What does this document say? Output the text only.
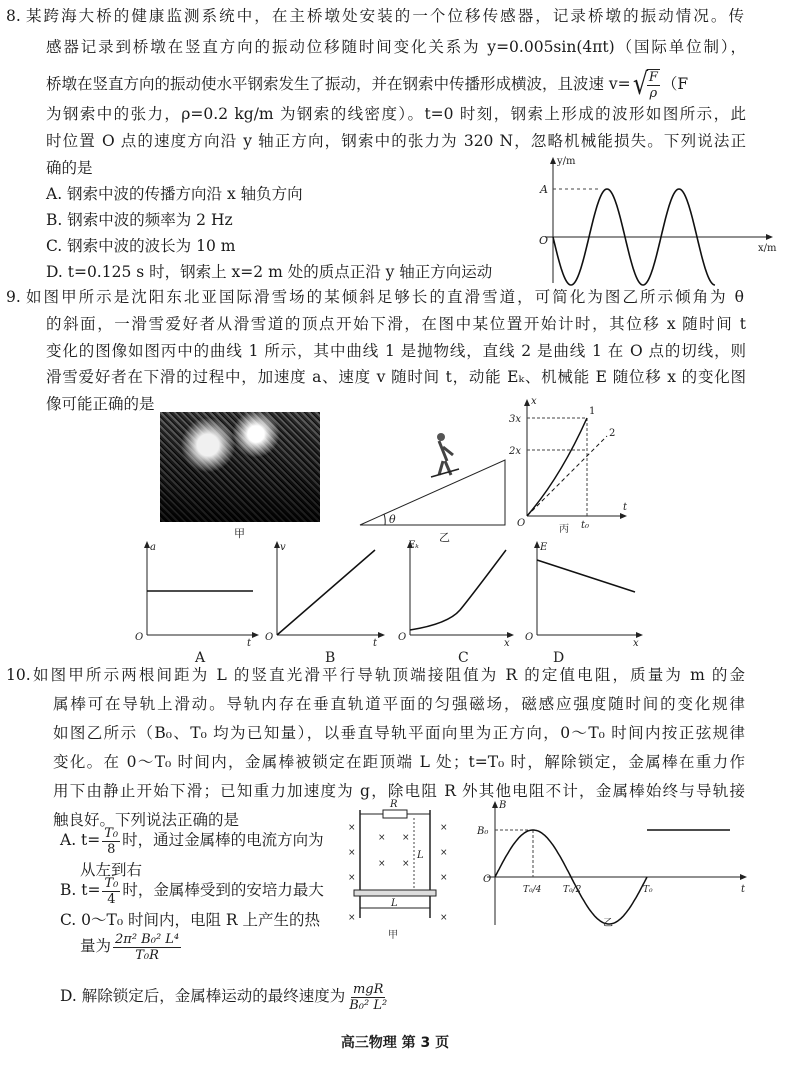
8. 某跨海大桥的健康监测系统中，在主桥墩处安装的一个位移传感器，记录桥墩的振动情况。传
感器记录到桥墩在竖直方向的振动位移随时间变化关系为 y=0.005sin(4πt)（国际单位制），
桥墩在竖直方向的振动使水平钢索发生了振动，并在钢索中传播形成横波，且波速 v= √
$\frac{F}{\rho} (F$
为钢索中的张力，ρ=0.2 kg/m 为钢索的线密度）。t=0 时刻，钢索上形成的波形如图所示，此
时位置 O 点的速度方向沿 y 轴正方向，钢索中的张力为 320 N，忽略机械能损失。下列说法正
确的是
A. 钢索中波的传播方向沿 x 轴负方向
B. 钢索中波的频率为 2 Hz
C. 钢索中波的波长为 10 m
D. t=0.125 s 时，钢索上 x=2 m 处的质点正沿 y 轴正方向运动
y/m
x/m
A
O
9. 如图甲所示是沈阳东北亚国际滑雪场的某倾斜足够长的直滑雪道，可简化为图乙所示倾角为 θ
的斜面，一滑雪爱好者从滑雪道的顶点开始下滑，在图中某位置开始计时，其位移 x 随时间 t
变化的图像如图丙中的曲线 1 所示，其中曲线 1 是抛物线，直线 2 是曲线 1 在 O 点的切线，则
滑雪爱好者在下滑的过程中，加速度 a、速度 v 随时间 t，动能 Eₖ、机械能 E 随位移 x 的变化图
像可能正确的是
甲
θ
乙
x
t
3x
2x
t₀
O
1
2
丙
a
t
O
A
v
t
O
B
Eₖ
x
O
C
E
x
O
D
10. 如图甲所示两根间距为 L 的竖直光滑平行导轨顶端接阻值为 R 的定值电阻，质量为 m 的金
属棒可在导轨上滑动。导轨内存在垂直轨道平面的匀强磁场，磁感应强度随时间的变化规律
如图乙所示（B₀、T₀ 均为已知量），以垂直导轨平面向里为正方向，0～T₀ 时间内按正弦规律
变化。在 0～T₀ 时间内，金属棒被锁定在距顶端 L 处；t=T₀ 时，解除锁定，金属棒在重力作
用下由静止开始下滑；已知重力加速度为 g，除电阻 R 外其他电阻不计，金属棒始终与导轨接
触良好。下列说法正确的是
A. $t= \frac{\text{T₀}}{8}$ 时，通过金属棒的电流方向为
从左到右
B. $t= \frac{\text{T₀}}{4}$ 时，金属棒受到的安培力最大
C. 0～T₀ 时间内，电阻 R 上产生的热
量为 $\frac{\text{2π² B₀² L⁴}}{\text{T₀R}}$
D. 解除锁定后，金属棒运动的最终速度为 $\frac{\text{mgR}}{\text{B₀² L²}}$
×
×
×
×
×
×
×
×
× ×
× ×
R
L
L
甲
B
t
B₀
O
T₀/4 T₀/2	T₀
乙
高三物理 第 3 页
